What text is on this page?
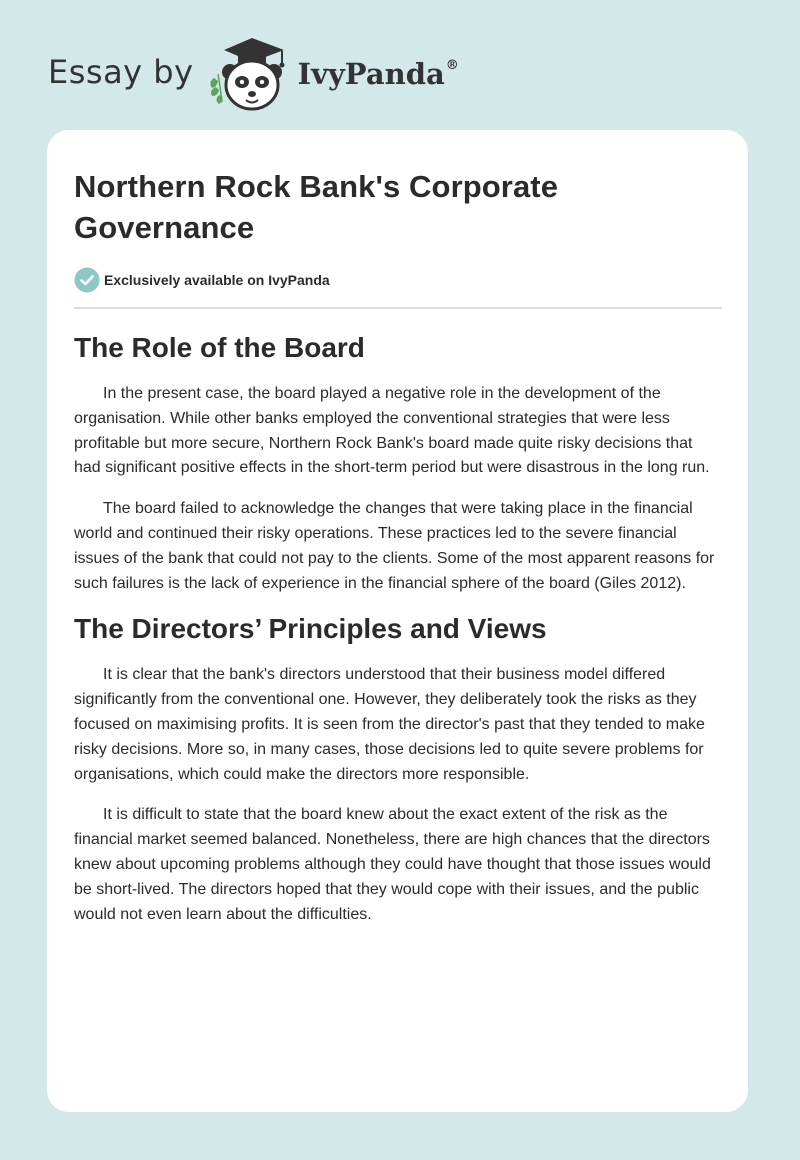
Essay by	IvyPanda®
Northern Rock Bank's Corporate Governance
Exclusively available on IvyPanda
The Role of the Board

In the present case, the board played a negative role in the development of the organisation. While other banks employed the conventional strategies that were less profitable but more secure, Northern Rock Bank's board made quite risky decisions that had significant positive effects in the short-term period but were disastrous in the long run.

The board failed to acknowledge the changes that were taking place in the financial world and continued their risky operations. These practices led to the severe financial issues of the bank that could not pay to the clients. Some of the most apparent reasons for such failures is the lack of experience in the financial sphere of the board (Giles 2012).

The Directors’ Principles and Views

It is clear that the bank's directors understood that their business model differed significantly from the conventional one. However, they deliberately took the risks as they focused on maximising profits. It is seen from the director's past that they tended to make risky decisions. More so, in many cases, those decisions led to quite severe problems for organisations, which could make the directors more responsible.

It is difficult to state that the board knew about the exact extent of the risk as the financial market seemed balanced. Nonetheless, there are high chances that the directors knew about upcoming problems although they could have thought that those issues would be short-lived. The directors hoped that they would cope with their issues, and the public would not even learn about the difficulties.
